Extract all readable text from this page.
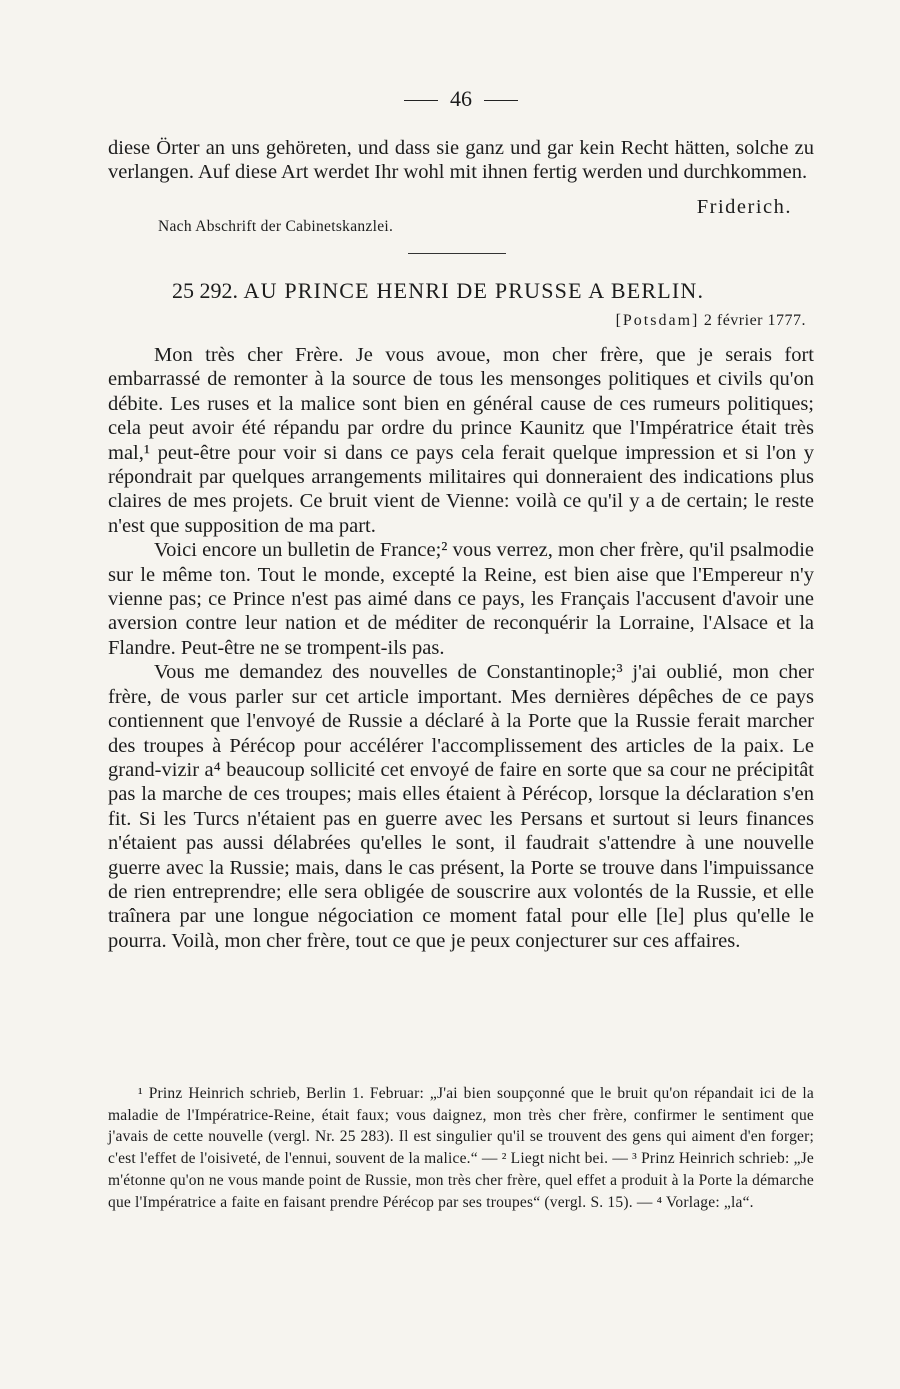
46
diese Örter an uns gehöreten, und dass sie ganz und gar kein Recht hätten, solche zu verlangen. Auf diese Art werdet Ihr wohl mit ihnen fertig werden und durchkommen.
Friderich.
Nach Abschrift der Cabinetskanzlei.
25 292. AU PRINCE HENRI DE PRUSSE A BERLIN.
[Potsdam] 2 février 1777.

Mon très cher Frère. Je vous avoue, mon cher frère, que je serais fort embarrassé de remonter à la source de tous les mensonges politiques et civils qu'on débite. Les ruses et la malice sont bien en général cause de ces rumeurs politiques; cela peut avoir été répandu par ordre du prince Kaunitz que l'Impératrice était très mal,¹ peut-être pour voir si dans ce pays cela ferait quelque impression et si l'on y répondrait par quelques arrangements militaires qui donneraient des indications plus claires de mes projets. Ce bruit vient de Vienne: voilà ce qu'il y a de certain; le reste n'est que supposition de ma part.

Voici encore un bulletin de France;² vous verrez, mon cher frère, qu'il psalmodie sur le même ton. Tout le monde, excepté la Reine, est bien aise que l'Empereur n'y vienne pas; ce Prince n'est pas aimé dans ce pays, les Français l'accusent d'avoir une aversion contre leur nation et de méditer de reconquérir la Lorraine, l'Alsace et la Flandre. Peut-être ne se trompent-ils pas.

Vous me demandez des nouvelles de Constantinople;³ j'ai oublié, mon cher frère, de vous parler sur cet article important. Mes dernières dépêches de ce pays contiennent que l'envoyé de Russie a déclaré à la Porte que la Russie ferait marcher des troupes à Pérécop pour accélérer l'accomplissement des articles de la paix. Le grand-vizir a⁴ beaucoup sollicité cet envoyé de faire en sorte que sa cour ne précipitât pas la marche de ces troupes; mais elles étaient à Pérécop, lorsque la déclaration s'en fit. Si les Turcs n'étaient pas en guerre avec les Persans et surtout si leurs finances n'étaient pas aussi délabrées qu'elles le sont, il faudrait s'attendre à une nouvelle guerre avec la Russie; mais, dans le cas présent, la Porte se trouve dans l'impuissance de rien entreprendre; elle sera obligée de souscrire aux volontés de la Russie, et elle traînera par une longue négociation ce moment fatal pour elle [le] plus qu'elle le pourra. Voilà, mon cher frère, tout ce que je peux conjecturer sur ces affaires.

¹ Prinz Heinrich schrieb, Berlin 1. Februar: „J'ai bien soupçonné que le bruit qu'on répandait ici de la maladie de l'Impératrice-Reine, était faux; vous daignez, mon très cher frère, confirmer le sentiment que j'avais de cette nouvelle (vergl. Nr. 25 283). Il est singulier qu'il se trouvent des gens qui aiment d'en forger; c'est l'effet de l'oisiveté, de l'ennui, souvent de la malice.“ — ² Liegt nicht bei. — ³ Prinz Heinrich schrieb: „Je m'étonne qu'on ne vous mande point de Russie, mon très cher frère, quel effet a produit à la Porte la démarche que l'Impératrice a faite en faisant prendre Pérécop par ses troupes“ (vergl. S. 15). — ⁴ Vorlage: „la“.
